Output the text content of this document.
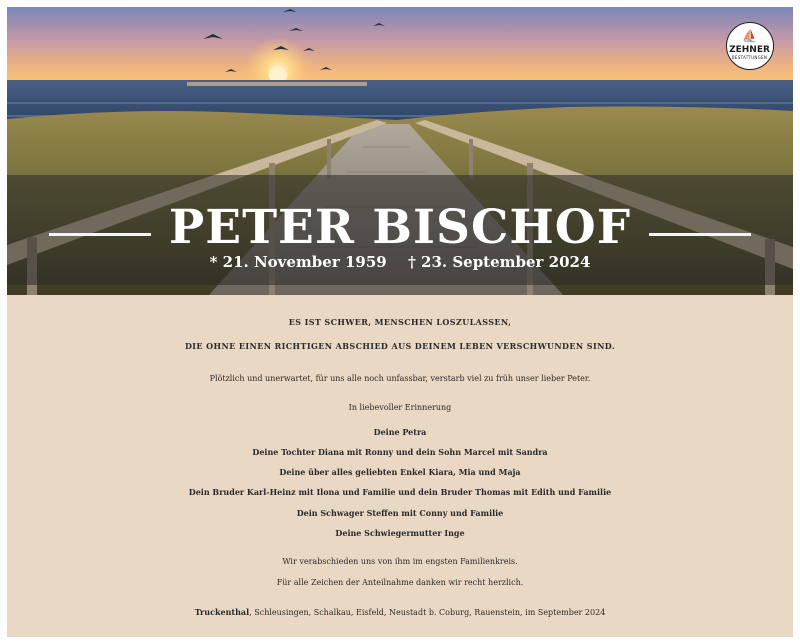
PETER BISCHOF
* 21. November 1959 † 23. September 2024
⛵
ZEHNER
BESTATTUNGEN
ES IST SCHWER, MENSCHEN LOSZULASSEN,
DIE OHNE EINEN RICHTIGEN ABSCHIED AUS DEINEM LEBEN VERSCHWUNDEN SIND.
Plötzlich und unerwartet, für uns alle noch unfassbar, verstarb viel zu früh unser lieber Peter.
In liebevoller Erinnerung
Deine Petra
Deine Tochter Diana mit Ronny und dein Sohn Marcel mit Sandra
Deine über alles geliebten Enkel Kiara, Mia und Maja
Dein Bruder Karl-Heinz mit Ilona und Familie und dein Bruder Thomas mit Edith und Familie
Dein Schwager Steffen mit Conny und Familie
Deine Schwiegermutter Inge
Wir verabschieden uns von ihm im engsten Familienkreis.
Für alle Zeichen der Anteilnahme danken wir recht herzlich.
Truckenthal, Schleusingen, Schalkau, Eisfeld, Neustadt b. Coburg, Rauenstein, im September 2024
